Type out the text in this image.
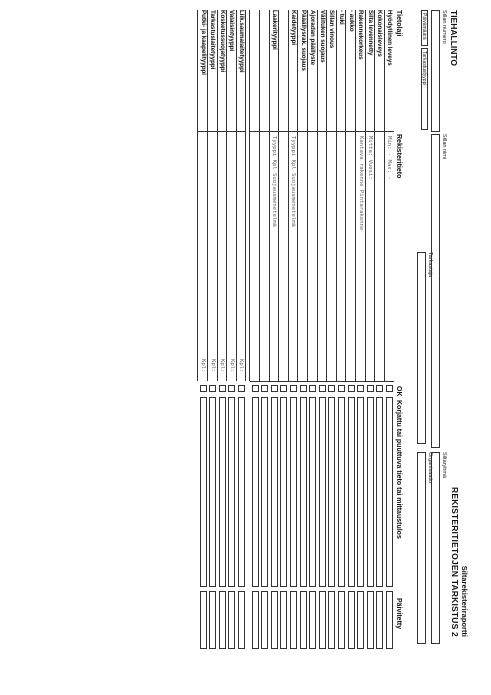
TIEHALLINTO
Siltarekisteriraportti
REKISTERITIETOJEN TARKISTUS 2
Sillan numero
Sillan nimi
Siltaryhmä
Päivämäärä
Tarkastustyyppi
Tarkastaja
Organisaatio
Tietolaji
Rekisteritieto
OK
Korjattu tai puuttuva tieto tai mittaustulos
Päivitetty
Hyödyllinen leveys
Min: - Max: -
Kokonaisleveys
Silta levennetty
Mitta: Vuosi:
Rakennekorkeus
Kantava rakenne Pintarakenne
- aukko
- tuki
Sillan vinous
Välituken suojaus
Ajoradan päällyste
Pääällysrak. suojaus
Kaidetyyppi
Tyyppi Kpl Suojausmenetelmä
Laakerityyppi
Tyyppi Kpl Suojausmenetelmä
Liik.saumalaitetyyppi
Kpl:
Valaisintyyppi
Kpl:
Kosketussuojatyyppi
Kpl:
Tarkastuslaitetyyppi
Kpl:
Putki- ja kaapelityyppi
Kpl:
